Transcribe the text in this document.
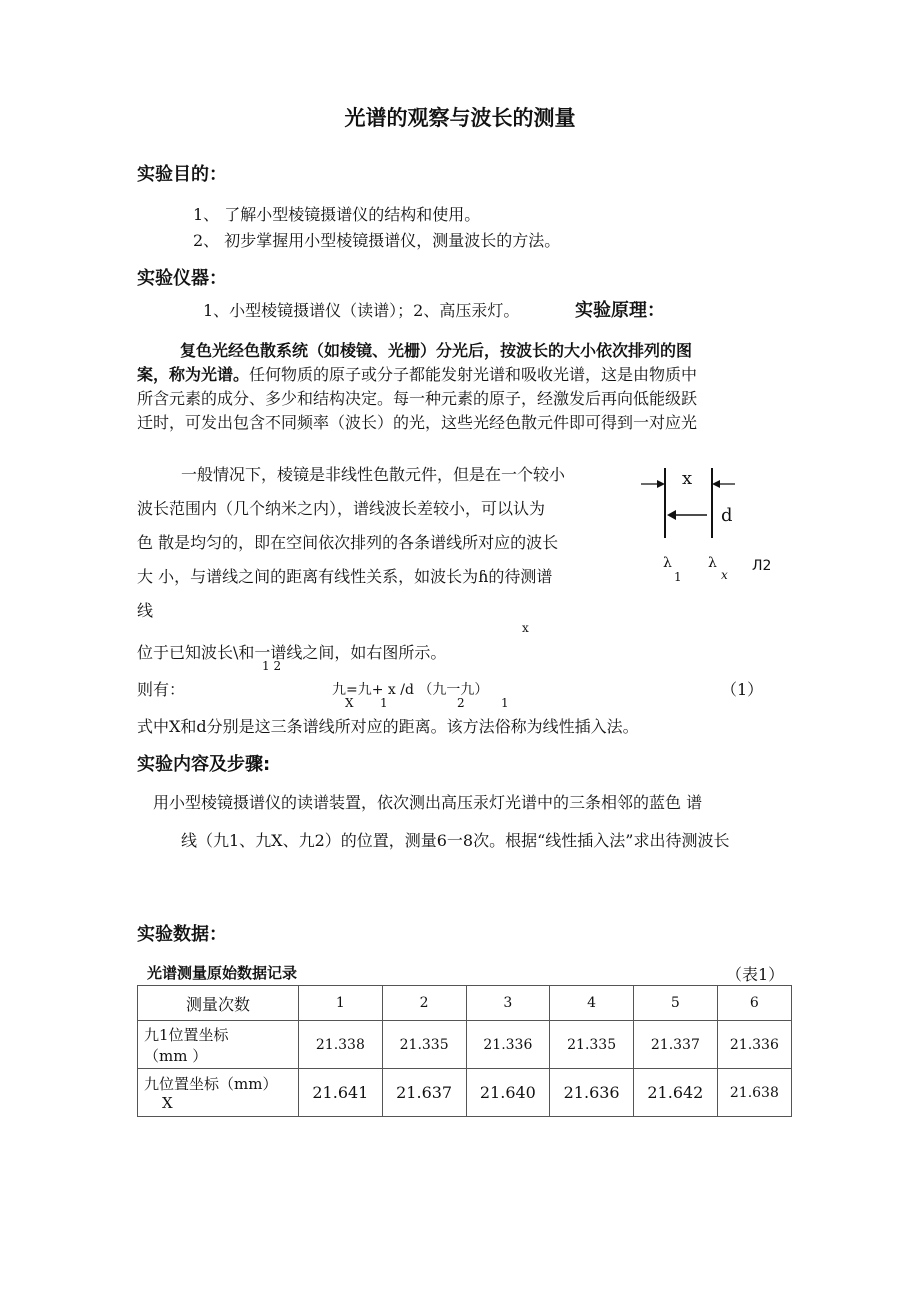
光谱的观察与波长的测量
实验目的：
1、 了解小型棱镜摄谱仪的结构和使用。
2、 初步掌握用小型棱镜摄谱仪，测量波长的方法。
实验仪器：
1、小型棱镜摄谱仪（读谱）；2、高压汞灯。	实验原理：
复色光经色散系统（如棱镜、光栅）分光后，按波长的大小依次排列的图
案，称为光谱。任何物质的原子或分子都能发射光谱和吸收光谱，这是由物质中
所含元素的成分、多少和结构决定。每一种元素的原子，经激发后再向低能级跃
迁时，可发出包含不同频率（波长）的光，这些光经色散元件即可得到一对应光
一般情况下，棱镜是非线性色散元件，但是在一个较小
波长范围内（几个纳米之内），谱线波长差较小，可以认为
色 散是均匀的，即在空间依次排列的各条谱线所对应的波长
大 小，与谱线之间的距离有线性关系，如波长为⁠ɦ的待测谱
线
x
位于已知波长\和一谱线之间，如右图所示。
1 2
则有：	九=九+ x /d （九一九）
X 1	2	1
（1）
式中X和d分别是这三条谱线所对应的距离。该方法俗称为线性插入法。
x
d
λ
1
λ
x
Л2
实验内容及步骤:
用小型棱镜摄谱仪的读谱装置，依次测出高压汞灯光谱中的三条相邻的蓝色 谱
线（九1、九X、九2）的位置，测量6一8次。根据“线性插入法”求出待测波长
实验数据：
光谱测量原始数据记录	（表1）
测量次数	1	2	3	4	5	6

九1位置坐标
（mm ）	21.338	21.335	21.336	21.335	21.337	21.336

九位置坐标（mm）
X	21.641	21.637	21.640	21.636	21.642	21.638
